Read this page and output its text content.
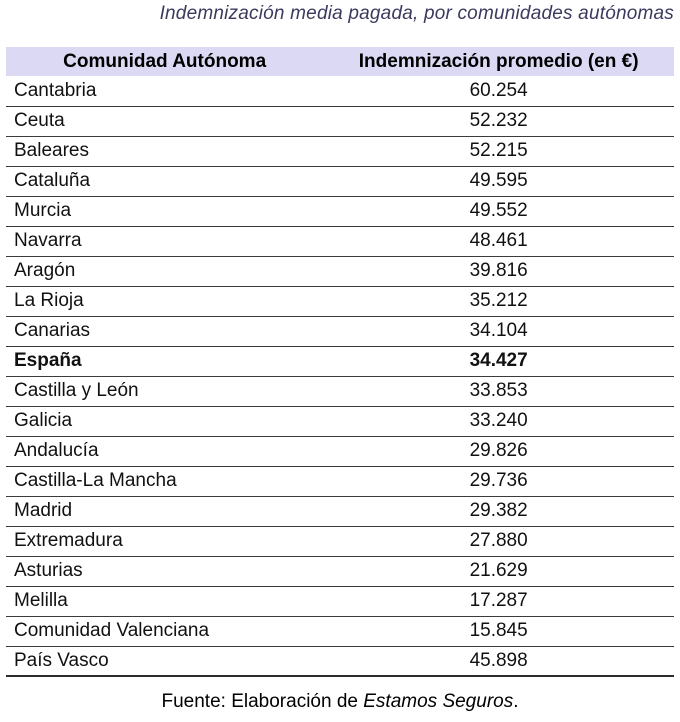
Indemnización media pagada, por comunidades autónomas
Comunidad Autónoma	Indemnización promedio (en €)
Cantabria	60.254
Ceuta	52.232
Baleares	52.215
Cataluña	49.595
Murcia	49.552
Navarra	48.461
Aragón	39.816
La Rioja	35.212
Canarias	34.104
España	34.427
Castilla y León	33.853
Galicia	33.240
Andalucía	29.826
Castilla-La Mancha	29.736
Madrid	29.382
Extremadura	27.880
Asturias	21.629
Melilla	17.287
Comunidad Valenciana	15.845
País Vasco	45.898
Fuente: Elaboración de Estamos Seguros.
